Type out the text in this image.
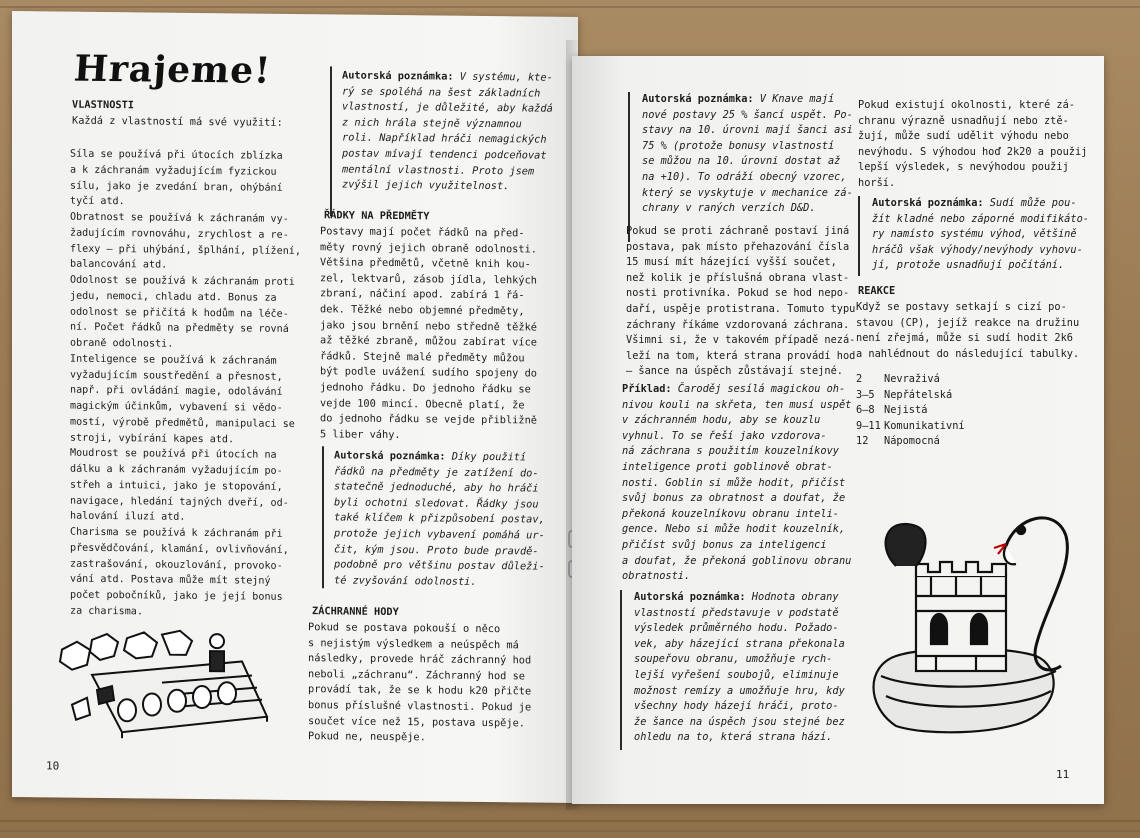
Hrajeme!
VLASTNOSTI
Každá z vlastností má své využití:
Síla se používá při útocích zblízka
a k záchranám vyžadujícím fyzickou
sílu, jako je zvedání bran, ohýbání
tyčí atd.
Obratnost se používá k záchranám vy-
žadujícím rovnováhu, zrychlost a re-
flexy – při uhýbání, šplhání, plížení,
balancování atd.
Odolnost se používá k záchranám proti
jedu, nemoci, chladu atd. Bonus za
odolnost se přičítá k hodům na léče-
ní. Počet řádků na předměty se rovná
obraně odolnosti.
Inteligence se používá k záchranám
vyžadujícím soustředění a přesnost,
např. při ovládání magie, odolávání
magickým účinkům, vybavení si vědo-
mostí, výrobě předmětů, manipulaci se
stroji, vybírání kapes atd.
Moudrost se používá při útocích na
dálku a k záchranám vyžadujícím po-
střeh a intuici, jako je stopování,
navigace, hledání tajných dveří, od-
halování iluzí atd.
Charisma se používá k záchranám při
přesvědčování, klamání, ovlivňování,
zastrašování, okouzlování, provoko-
vání atd. Postava může mít stejný
počet pobočníků, jako je její bonus
za charisma.
Autorská poznámka: V systému, kte-
rý se spoléhá na šest základních
vlastností, je důležité, aby každá
z nich hrála stejně významnou
roli. Například hráči nemagických
postav mívají tendenci podceňovat
mentální vlastnosti. Proto jsem
zvýšil jejich využitelnost.
ŘÁDKY NA PŘEDMĚTY
Postavy mají počet řádků na před-
měty rovný jejich obraně odolnosti.
Většina předmětů, včetně knih kou-
zel, lektvarů, zásob jídla, lehkých
zbraní, náčiní apod. zabírá 1 řá-
dek. Těžké nebo objemné předměty,
jako jsou brnění nebo středně těžké
až těžké zbraně, můžou zabírat více
řádků. Stejně malé předměty můžou
být podle uvážení sudího spojeny do
jednoho řádku. Do jednoho řádku se
vejde 100 mincí. Obecně platí, že
do jednoho řádku se vejde přibližně
5 liber váhy.
Autorská poznámka: Díky použití
řádků na předměty je zatížení do-
statečně jednoduché, aby ho hráči
byli ochotni sledovat. Řádky jsou
také klíčem k přizpůsobení postav,
protože jejich vybavení pomáhá ur-
čit, kým jsou. Proto bude pravdě-
podobně pro většinu postav důleži-
té zvyšování odolnosti.
ZÁCHRANNÉ HODY
Pokud se postava pokouší o něco
s nejistým výsledkem a neúspěch má
následky, provede hráč záchranný hod
neboli „záchranu“. Záchranný hod se
provádí tak, že se k hodu k20 přičte
bonus příslušné vlastnosti. Pokud je
součet více než 15, postava uspěje.
Pokud ne, neuspěje.
10
Autorská poznámka: V Knave mají
nové postavy 25 % šancí uspět. Po-
stavy na 10. úrovni mají šanci asi
75 % (protože bonusy vlastností
se můžou na 10. úrovni dostat až
na +10). To odráží obecný vzorec,
který se vyskytuje v mechanice zá-
chrany v raných verzích D&D.
Pokud se proti záchraně postaví jiná
postava, pak místo přehazování čísla
15 musí mít házející vyšší součet,
než kolik je příslušná obrana vlast-
nosti protivníka. Pokud se hod nepo-
daří, uspěje protistrana. Tomuto typu
záchrany říkáme vzdorovaná záchrana.
Všimni si, že v takovém případě nezá-
leží na tom, která strana provádí hod
– šance na úspěch zůstávají stejné.
Příklad: Čaroděj sesílá magickou oh-
nivou kouli na skřeta, ten musí uspět
v záchranném hodu, aby se kouzlu
vyhnul. To se řeší jako vzdorova-
ná záchrana s použitím kouzelníkovy
inteligence proti goblinově obrat-
nosti. Goblin si může hodit, přičíst
svůj bonus za obratnost a doufat, že
překoná kouzelníkovu obranu inteli-
gence. Nebo si může hodit kouzelník,
přičíst svůj bonus za inteligenci
a doufat, že překoná goblinovu obranu
obratnosti.
Autorská poznámka: Hodnota obrany
vlastností představuje v podstatě
výsledek průměrného hodu. Požado-
vek, aby házející strana překonala
soupeřovu obranu, umožňuje rych-
lejší vyřešení soubojů, eliminuje
možnost remízy a umožňuje hru, kdy
všechny hody házejí hráči, proto-
že šance na úspěch jsou stejné bez
ohledu na to, která strana hází.
Pokud existují okolnosti, které zá-
chranu výrazně usnadňují nebo ztě-
žují, může sudí udělit výhodu nebo
nevýhodu. S výhodou hoď 2k20 a použij
lepší výsledek, s nevýhodou použij
horší.
Autorská poznámka: Sudí může pou-
žít kladné nebo záporné modifikáto-
ry namísto systému výhod, většině
hráčů však výhody/nevýhody vyhovu-
jí, protože usnadňují počítání.
REAKCE
Když se postavy setkají s cizí po-
stavou (CP), jejíž reakce na družinu
není zřejmá, může si sudí hodit 2k6
a nahlédnout do následující tabulky.
2 Nevraživá
3–5 Nepřátelská
6–8 Nejistá
9–11 Komunikativní
12 Nápomocná
11
